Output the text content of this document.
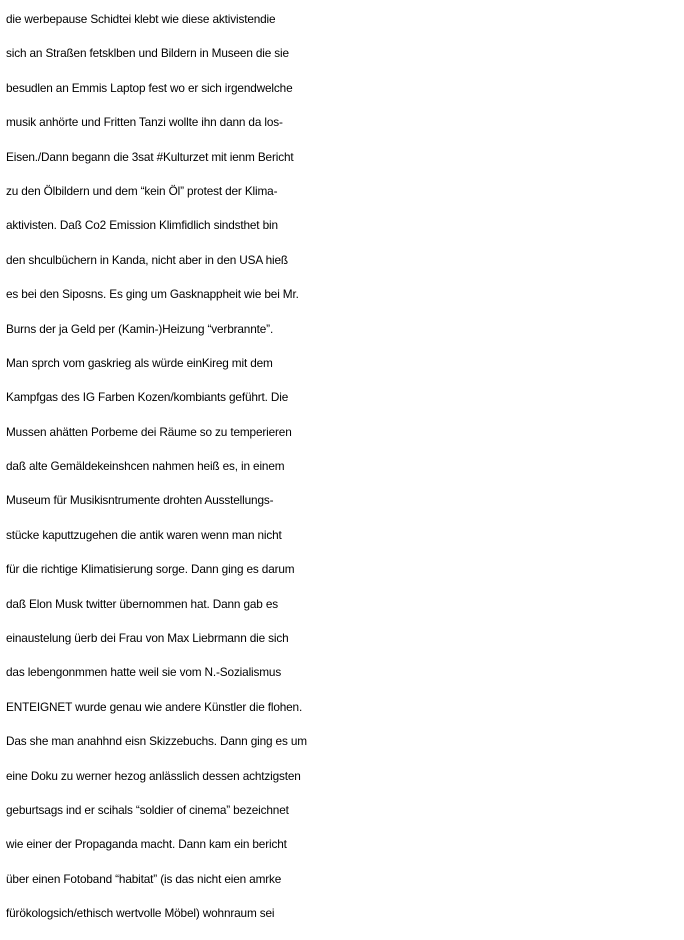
die werbepause Schidtei klebt wie diese aktivistendie
sich an Straßen fetsklben und Bildern in Museen die sie
besudlen an Emmis Laptop fest wo er sich irgendwelche
musik anhörte und Fritten Tanzi wollte ihn dann da los-
Eisen./Dann begann die 3sat #Kulturzet mit ienm Bericht
zu den Ölbildern und dem “kein Öl” protest der Klima-
aktivisten. Daß Co2 Emission Klimfidlich sindsthet bin
den shculbüchern in Kanda, nicht aber in den USA hieß
es bei den Siposns. Es ging um Gasknappheit wie bei Mr.
Burns der ja Geld per (Kamin-)Heizung “verbrannte”.
Man sprch vom gaskrieg als würde einKireg mit dem
Kampfgas des IG Farben Kozen/kombiants geführt. Die
Mussen ahätten Porbeme dei Räume so zu temperieren
daß alte Gemäldekeinshcen nahmen heiß es, in einem
Museum für Musikisntrumente drohten Ausstellungs-
stücke kaputtzugehen die antik waren wenn man nicht
für die richtige Klimatisierung sorge. Dann ging es darum
daß Elon Musk twitter übernommen hat. Dann gab es
einaustelung üerb dei Frau von Max Liebrmann die sich
das lebengonmmen hatte weil sie vom N.-Sozialismus
ENTEIGNET wurde genau wie andere Künstler die flohen.
Das she man anahhnd eisn Skizzebuchs. Dann ging es um
eine Doku zu werner hezog anlässlich dessen achtzigsten
geburtsags ind er scihals “soldier of cinema” bezeichnet
wie einer der Propaganda macht. Dann kam ein bericht
über einen Fotoband “habitat” (is das nicht eien amrke
fürökologsich/ethisch wertvolle Möbel) wohnraum sei
